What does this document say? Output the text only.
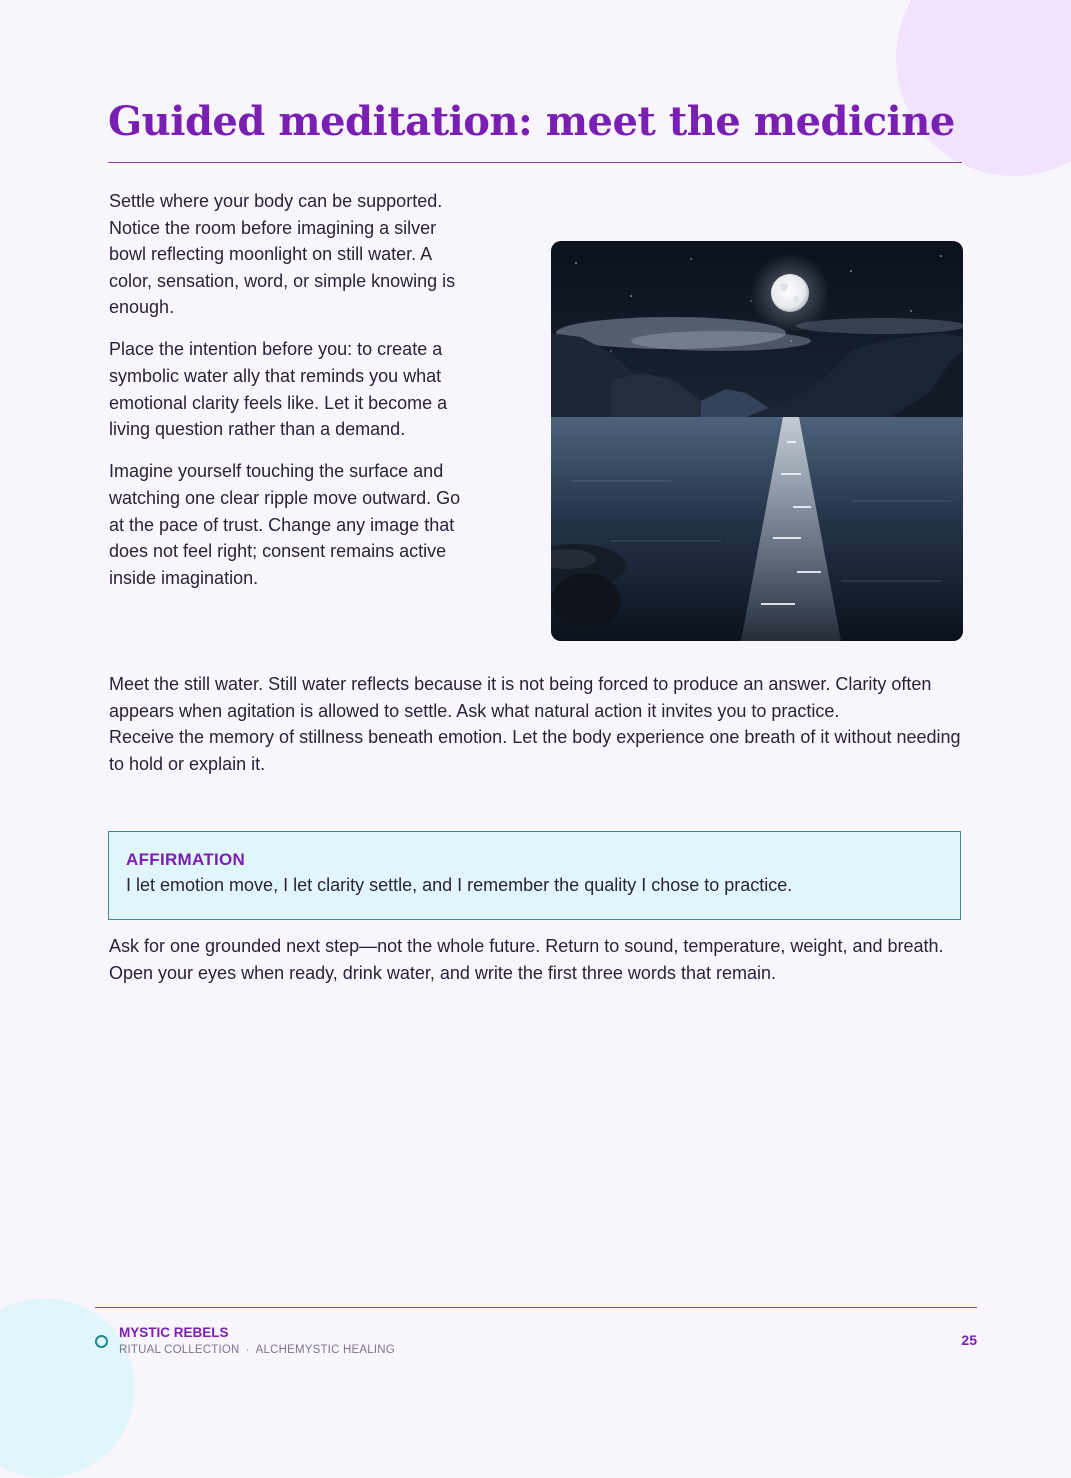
Guided meditation: meet the medicine

Settle where your body can be supported. Notice the room before imagining a silver bowl reflecting moonlight on still water. A color, sensation, word, or simple knowing is enough.

Place the intention before you: to create a symbolic water ally that reminds you what emotional clarity feels like. Let it become a living question rather than a demand.

Imagine yourself touching the surface and watching one clear ripple move outward. Go at the pace of trust. Change any image that does not feel right; consent remains active inside imagination.

Meet the still water. Still water reflects because it is not being forced to produce an answer. Clarity often appears when agitation is allowed to settle. Ask what natural action it invites you to practice.

Receive the memory of stillness beneath emotion. Let the body experience one breath of it without needing to hold or explain it.

AFFIRMATION
I let emotion move, I let clarity settle, and I remember the quality I chose to practice.

Ask for one grounded next step—not the whole future. Return to sound, temperature, weight, and breath. Open your eyes when ready, drink water, and write the first three words that remain.

MYSTIC REBELS
RITUAL COLLECTION · ALCHEMYSTIC HEALING
25
